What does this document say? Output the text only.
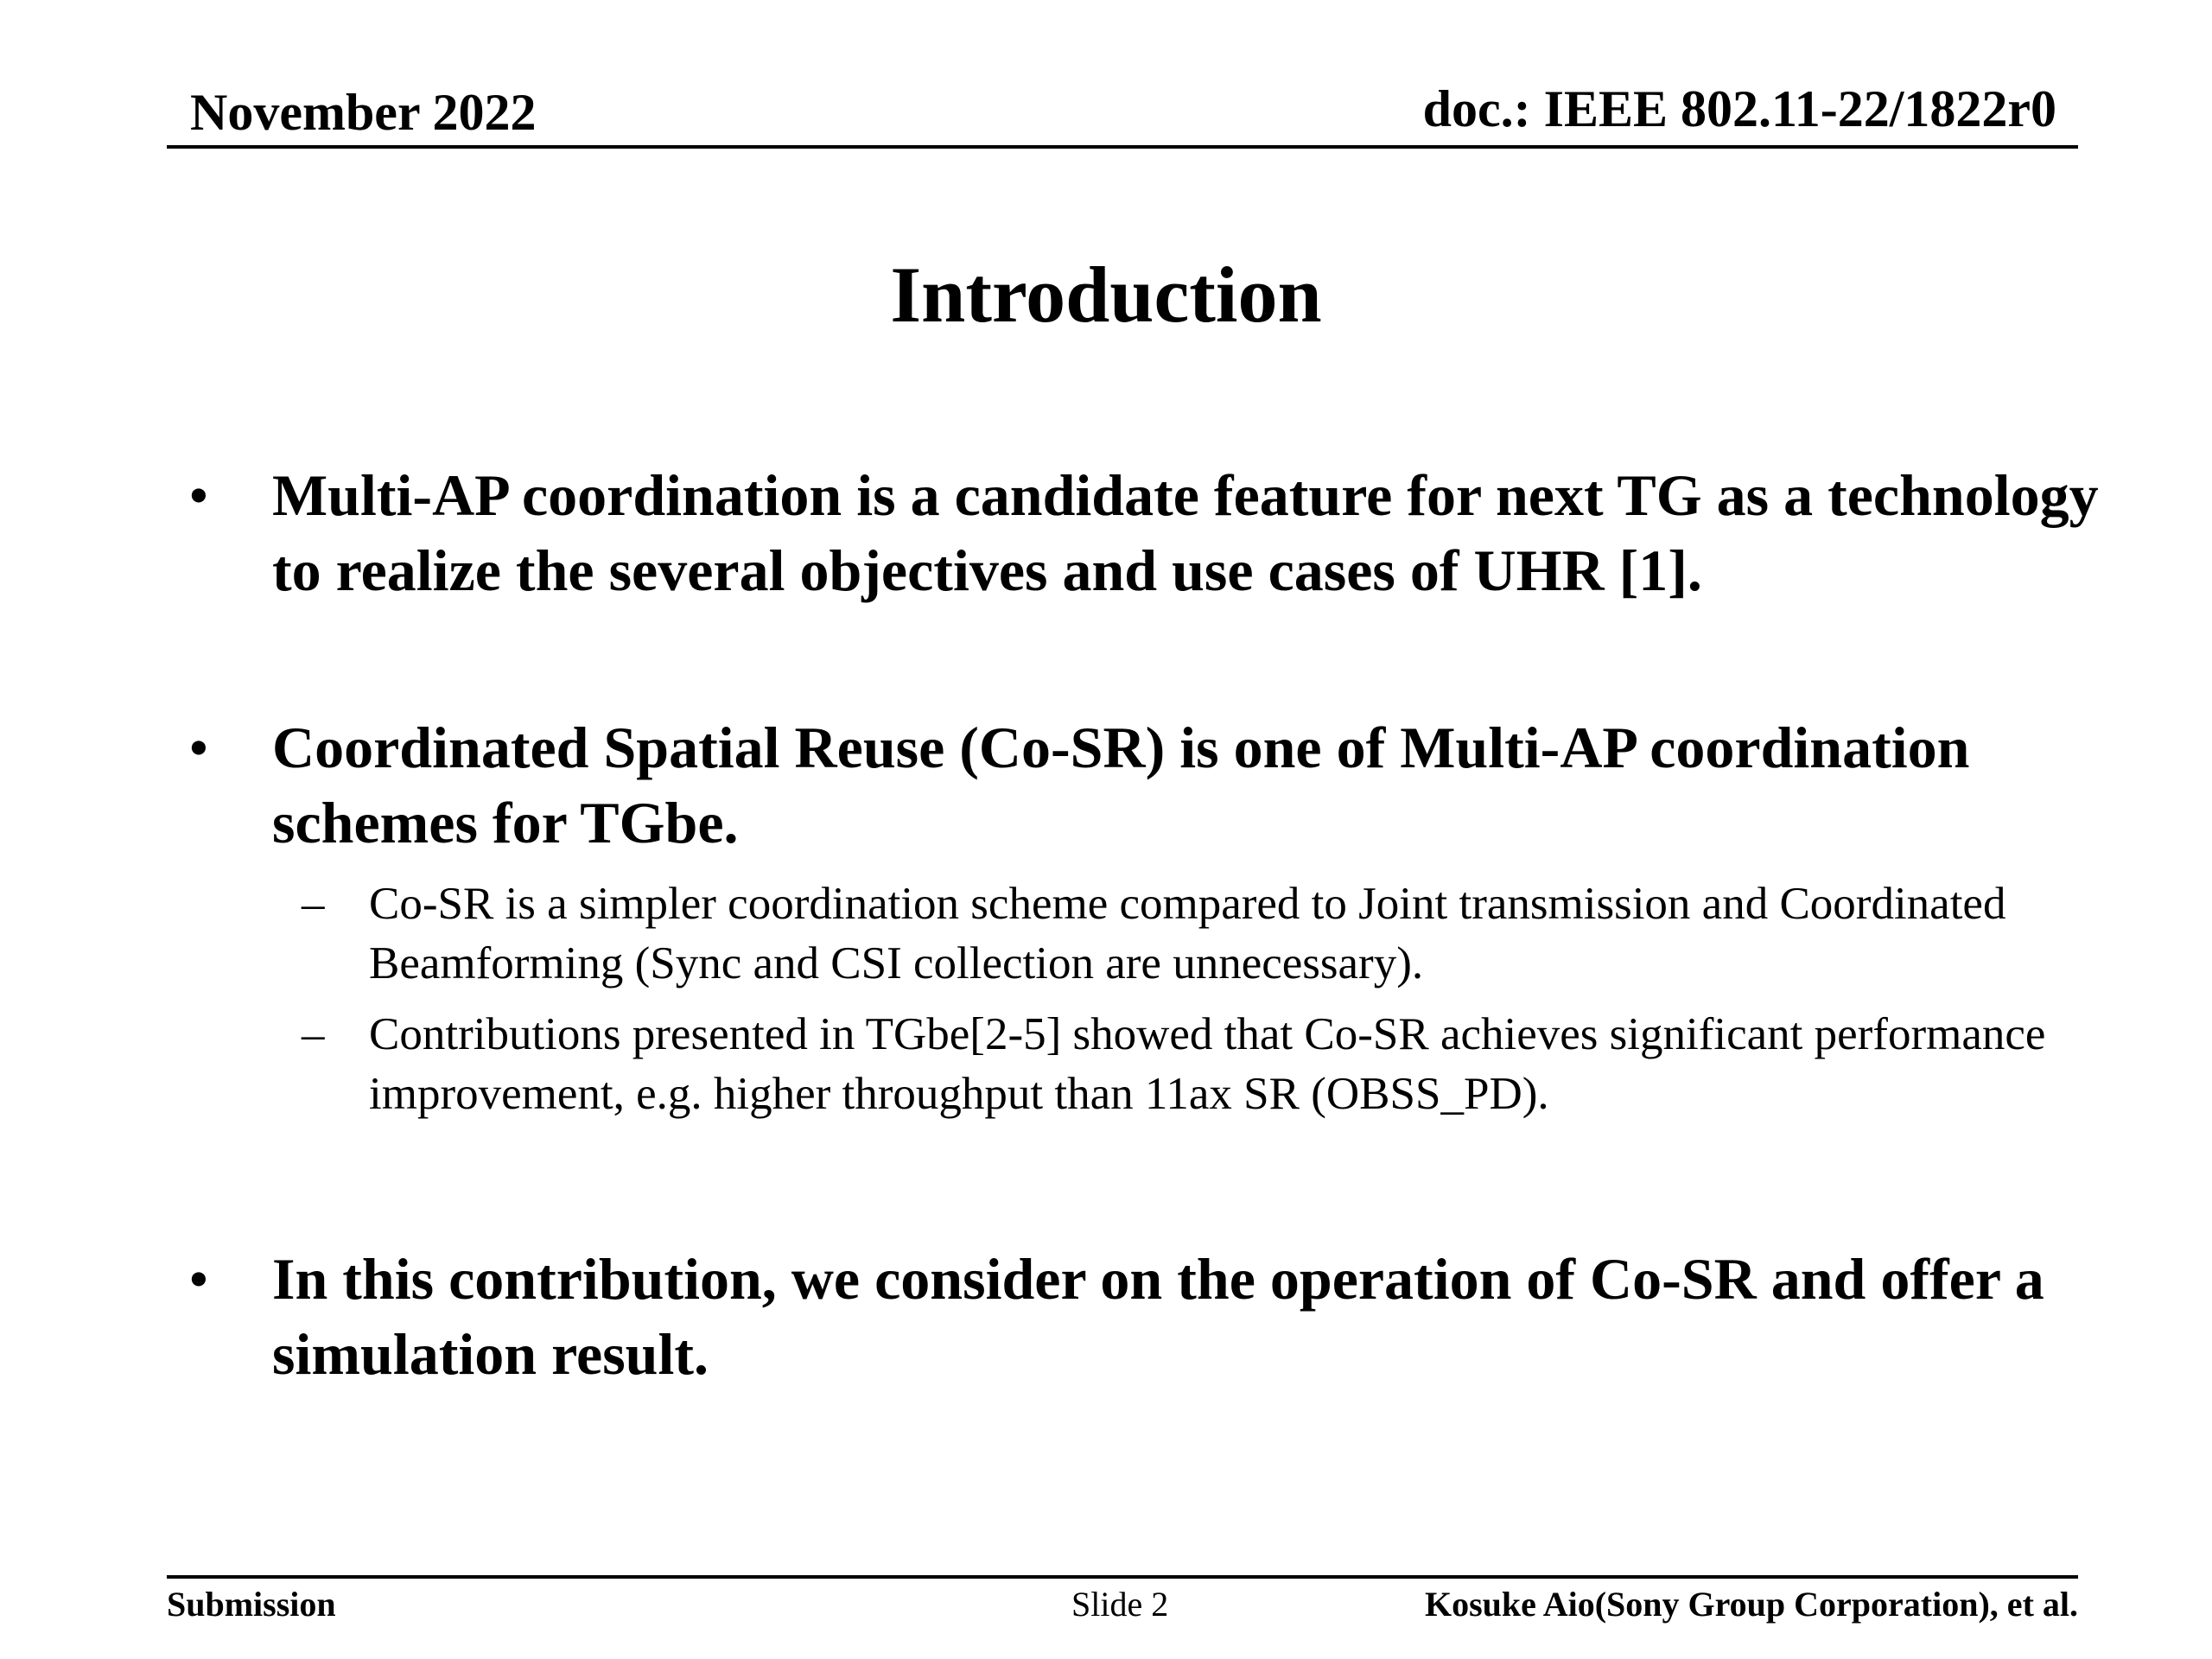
November 2022	doc.: IEEE 802.11-22/1822r0
Introduction
• Multi-AP coordination is a candidate feature for next TG as a technology to realize the several objectives and use cases of UHR [1].
• Coordinated Spatial Reuse (Co-SR) is one of Multi-AP coordination schemes for TGbe.
– Co-SR is a simpler coordination scheme compared to Joint transmission and Coordinated Beamforming (Sync and CSI collection are unnecessary).
– Contributions presented in TGbe[2-5] showed that Co-SR achieves significant performance improvement, e.g. higher throughput than 11ax SR (OBSS_PD).
• In this contribution, we consider on the operation of Co-SR and offer a simulation result.
Submission	Slide 2	Kosuke Aio(Sony Group Corporation), et al.
